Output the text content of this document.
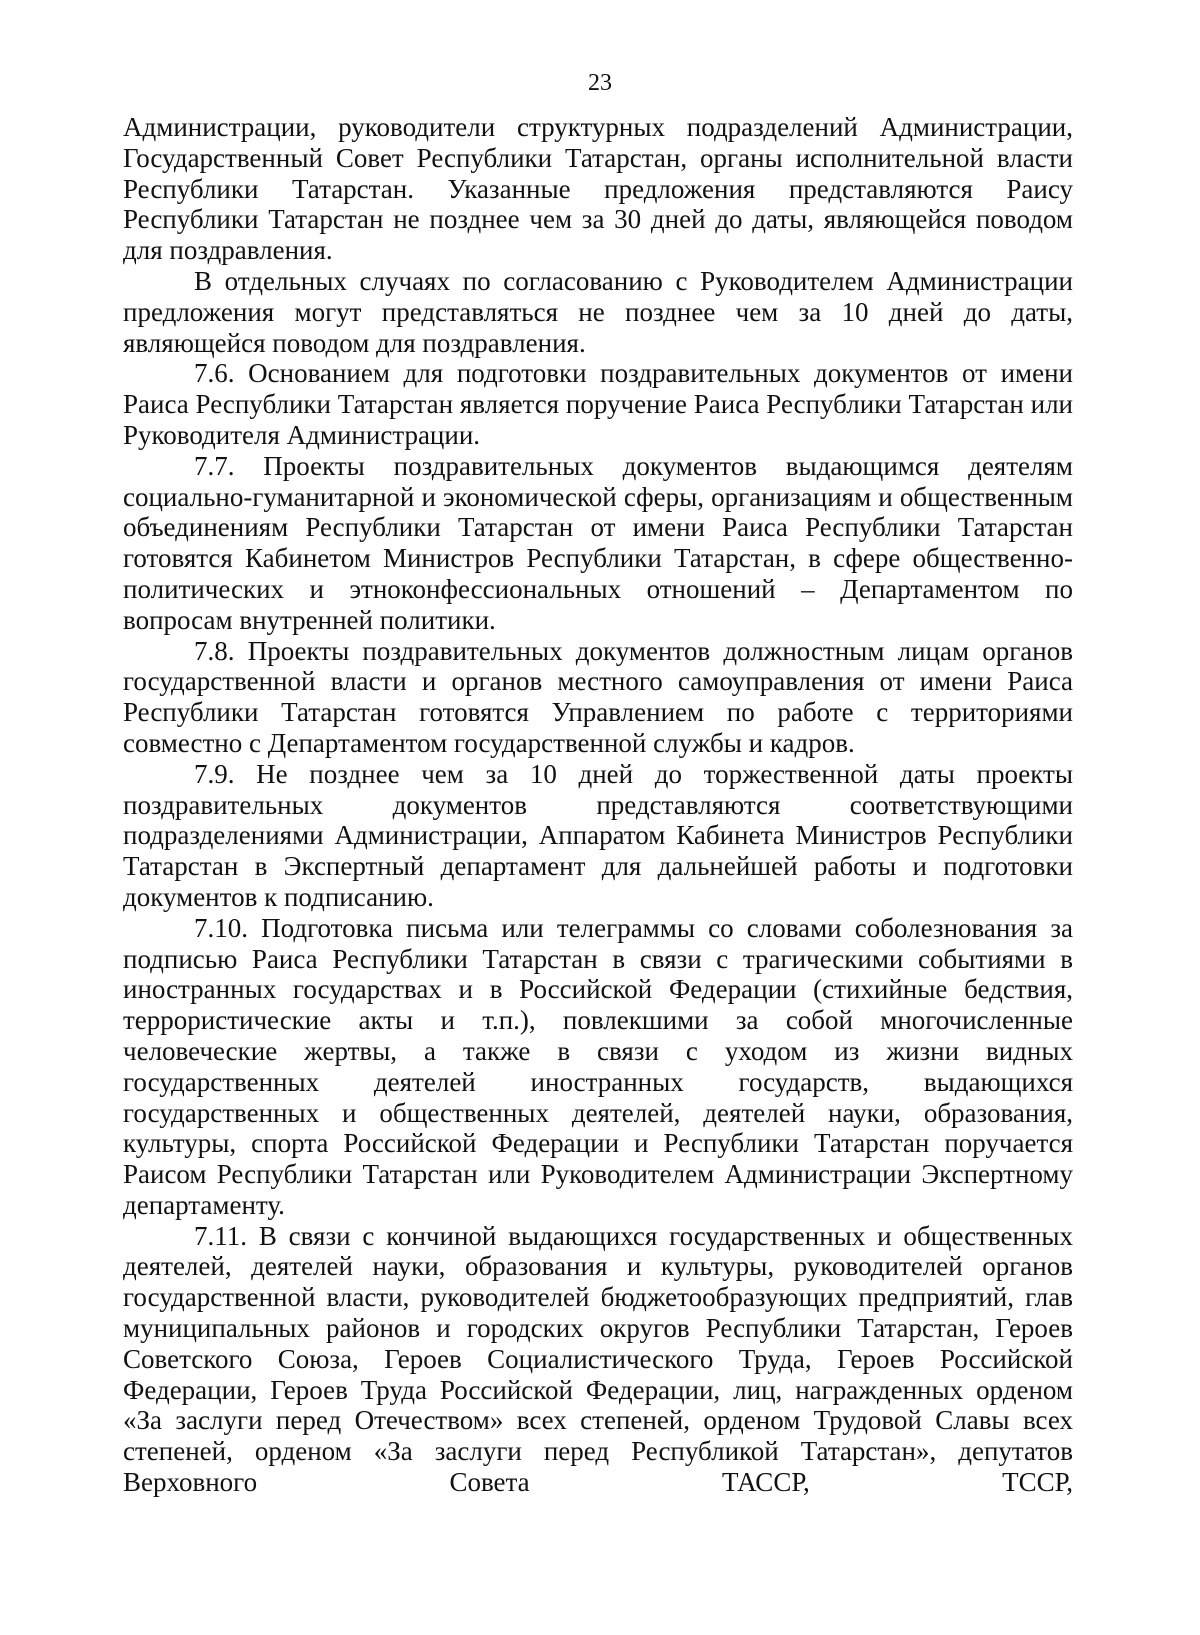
23

Администрации, руководители структурных подразделений Администрации, Государственный Совет Республики Татарстан, органы исполнительной власти Республики Татарстан. Указанные предложения представляются Раису Республики Татарстан не позднее чем за 30 дней до даты, являющейся поводом для поздравления.

В отдельных случаях по согласованию с Руководителем Администрации предложения могут представляться не позднее чем за 10 дней до даты, являющейся поводом для поздравления.

7.6. Основанием для подготовки поздравительных документов от имени Раиса Республики Татарстан является поручение Раиса Республики Татарстан или Руководителя Администрации.

7.7. Проекты поздравительных документов выдающимся деятелям социально-гуманитарной и экономической сферы, организациям и общественным объединениям Республики Татарстан от имени Раиса Республики Татарстан готовятся Кабинетом Министров Республики Татарстан, в сфере общественно-политических и этноконфессиональных отношений – Департаментом по вопросам внутренней политики.

7.8. Проекты поздравительных документов должностным лицам органов государственной власти и органов местного самоуправления от имени Раиса Республики Татарстан готовятся Управлением по работе с территориями совместно с Департаментом государственной службы и кадров.

7.9. Не позднее чем за 10 дней до торжественной даты проекты поздравительных документов представляются соответствующими подразделениями Администрации, Аппаратом Кабинета Министров Республики Татарстан в Экспертный департамент для дальнейшей работы и подготовки документов к подписанию.

7.10. Подготовка письма или телеграммы со словами соболезнования за подписью Раиса Республики Татарстан в связи с трагическими событиями в иностранных государствах и в Российской Федерации (стихийные бедствия, террористические акты и т.п.), повлекшими за собой многочисленные человеческие жертвы, а также в связи с уходом из жизни видных государственных деятелей иностранных государств, выдающихся государственных и общественных деятелей, деятелей науки, образования, культуры, спорта Российской Федерации и Республики Татарстан поручается Раисом Республики Татарстан или Руководителем Администрации Экспертному департаменту.

7.11. В связи с кончиной выдающихся государственных и общественных деятелей, деятелей науки, образования и культуры, руководителей органов государственной власти, руководителей бюджетообразующих предприятий, глав муниципальных районов и городских округов Республики Татарстан, Героев Советского Союза, Героев Социалистического Труда, Героев Российской Федерации, Героев Труда Российской Федерации, лиц, награжденных орденом «За заслуги перед Отечеством» всех степеней, орденом Трудовой Славы всех степеней, орденом «За заслуги перед Республикой Татарстан», депутатов Верховного Совета ТАССР, ТССР,
